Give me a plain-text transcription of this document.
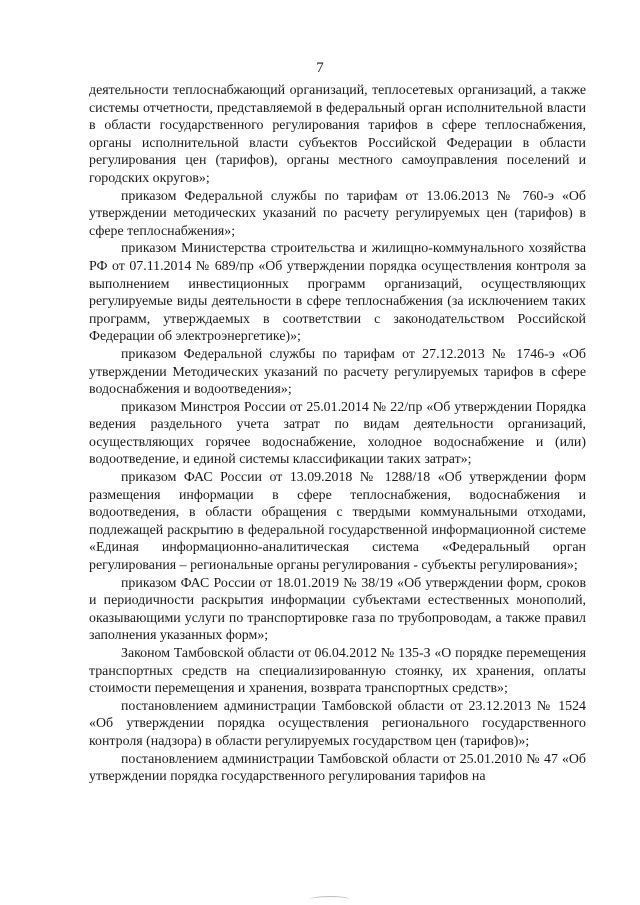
7

деятельности теплоснабжающий организаций, теплосетевых организаций, а также системы отчетности, представляемой в федеральный орган исполнительной власти в области государственного регулирования тарифов в сфере теплоснабжения, органы исполнительной власти субъектов Российской Федерации в области регулирования цен (тарифов), органы местного самоуправления поселений и городских округов»;

приказом Федеральной службы по тарифам от 13.06.2013 № 760-э «Об утверждении методических указаний по расчету регулируемых цен (тарифов) в сфере теплоснабжения»;

приказом Министерства строительства и жилищно-коммунального хозяйства РФ от 07.11.2014 № 689/пр «Об утверждении порядка осуществления контроля за выполнением инвестиционных программ организаций, осуществляющих регулируемые виды деятельности в сфере теплоснабжения (за исключением таких программ, утверждаемых в соответствии с законодательством Российской Федерации об электроэнергетике)»;

приказом Федеральной службы по тарифам от 27.12.2013 № 1746-э «Об утверждении Методических указаний по расчету регулируемых тарифов в сфере водоснабжения и водоотведения»;

приказом Минстроя России от 25.01.2014 № 22/пр «Об утверждении Порядка ведения раздельного учета затрат по видам деятельности организаций, осуществляющих горячее водоснабжение, холодное водоснабжение и (или) водоотведение, и единой системы классификации таких затрат»;

приказом ФАС России от 13.09.2018 № 1288/18 «Об утверждении форм размещения информации в сфере теплоснабжения, водоснабжения и водоотведения, в области обращения с твердыми коммунальными отходами, подлежащей раскрытию в федеральной государственной информационной системе «Единая информационно-аналитическая система «Федеральный орган регулирования – региональные органы регулирования - субъекты регулирования»;

приказом ФАС России от 18.01.2019 № 38/19 «Об утверждении форм, сроков и периодичности раскрытия информации субъектами естественных монополий, оказывающими услуги по транспортировке газа по трубопроводам, а также правил заполнения указанных форм»;

Законом Тамбовской области от 06.04.2012 № 135-З «О порядке перемещения транспортных средств на специализированную стоянку, их хранения, оплаты стоимости перемещения и хранения, возврата транспортных средств»;

постановлением администрации Тамбовской области от 23.12.2013 № 1524 «Об утверждении порядка осуществления регионального государственного контроля (надзора) в области регулируемых государством цен (тарифов)»;

постановлением администрации Тамбовской области от 25.01.2010 № 47 «Об утверждении порядка государственного регулирования тарифов на
